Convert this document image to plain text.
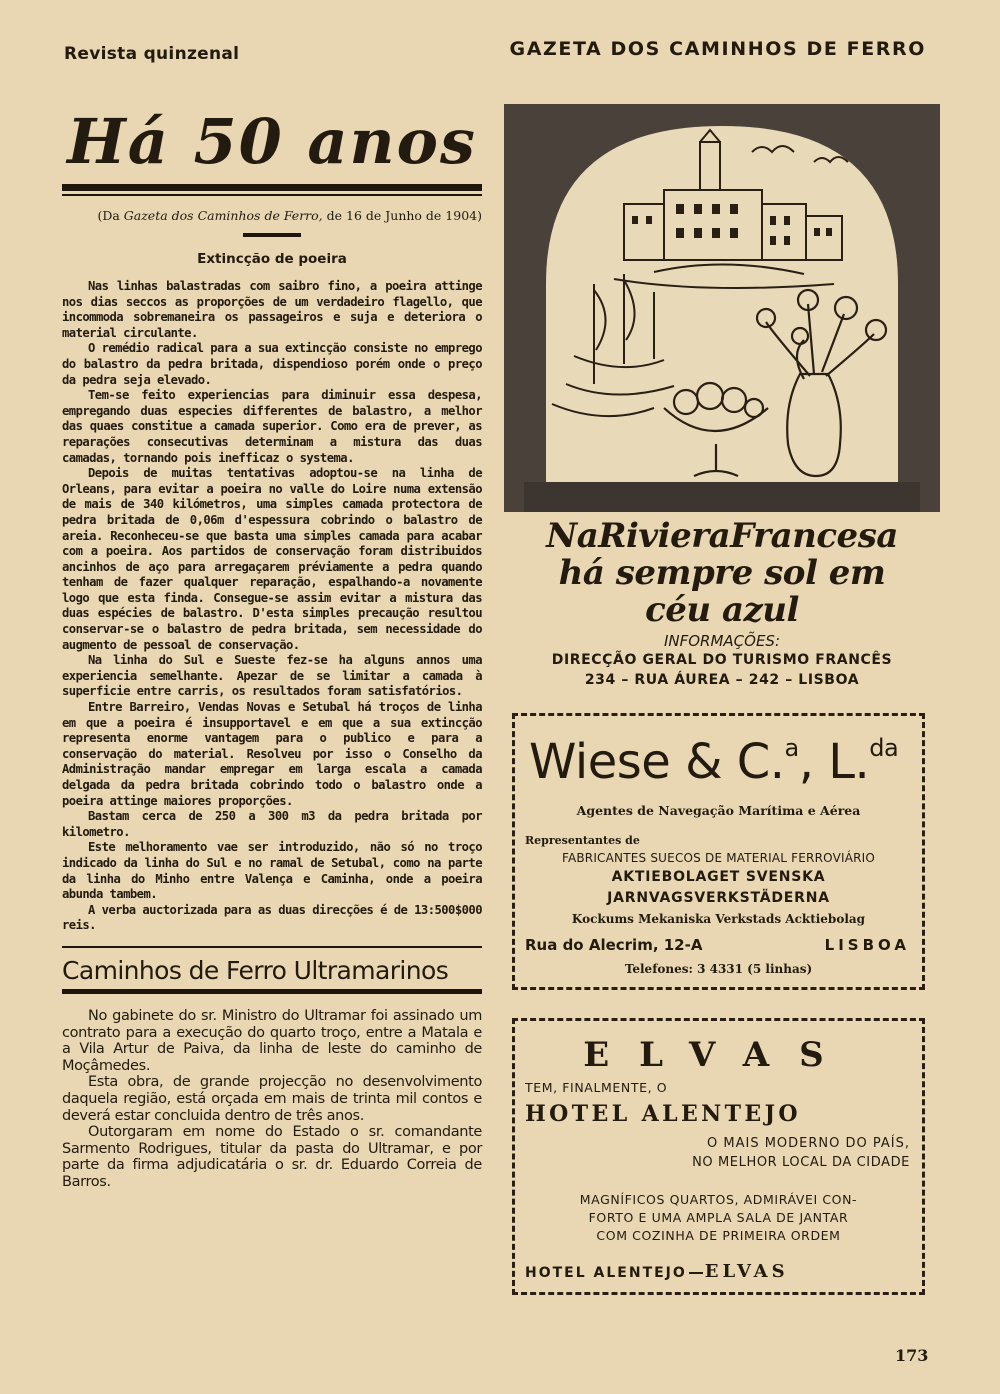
Revista quinzenal	GAZETA DOS CAMINHOS DE FERRO
Há 50 anos
(Da Gazeta dos Caminhos de Ferro, de 16 de Junho de 1904)
Extincção de poeira

Nas linhas balastradas com saibro fino, a poeira attinge nos dias seccos as proporções de um verdadeiro flagello, que incommoda sobremaneira os passageiros e suja e deteriora o material circulante.

O remédio radical para a sua extincção consiste no emprego do balastro da pedra britada, dispendioso porém onde o preço da pedra seja elevado.

Tem-se feito experiencias para diminuir essa despesa, empregando duas especies differentes de balastro, a melhor das quaes constitue a camada superior. Como era de prever, as reparações consecutivas determinam a mistura das duas camadas, tornando pois inefficaz o systema.

Depois de muitas tentativas adoptou-se na linha de Orleans, para evitar a poeira no valle do Loire numa extensão de mais de 340 kilómetros, uma simples camada protectora de pedra britada de 0,06m d'espessura cobrindo o balastro de areia. Reconheceu-se que basta uma simples camada para acabar com a poeira. Aos partidos de conservação foram distribuidos ancinhos de aço para arregaçarem préviamente a pedra quando tenham de fazer qualquer reparação, espalhando-a novamente logo que esta finda. Consegue-se assim evitar a mistura das duas espécies de balastro. D'esta simples precaução resultou conservar-se o balastro de pedra britada, sem necessidade do augmento de pessoal de conservação.

Na linha do Sul e Sueste fez-se ha alguns annos uma experiencia semelhante. Apezar de se limitar a camada à superficie entre carris, os resultados foram satisfatórios.

Entre Barreiro, Vendas Novas e Setubal há troços de linha em que a poeira é insupportavel e em que a sua extincção representa enorme vantagem para o publico e para a conservação do material. Resolveu por isso o Conselho da Administração mandar empregar em larga escala a camada delgada da pedra britada cobrindo todo o balastro onde a poeira attinge maiores proporções.

Bastam cerca de 250 a 300 m3 da pedra britada por kilometro.

Este melhoramento vae ser introduzido, não só no troço indicado da linha do Sul e no ramal de Setubal, como na parte da linha do Minho entre Valença e Caminha, onde a poeira abunda tambem.

A verba auctorizada para as duas direcções é de 13:500$000 reis.

Caminhos de Ferro Ultramarinos

No gabinete do sr. Ministro do Ultramar foi assinado um contrato para a execução do quarto troço, entre a Matala e a Vila Artur de Paiva, da linha de leste do caminho de Moçâmedes.

Esta obra, de grande projecção no desenvolvimento daquela região, está orçada em mais de trinta mil contos e deverá estar concluida dentro de três anos.

Outorgaram em nome do Estado o sr. comandante Sarmento Rodrigues, titular da pasta do Ultramar, e por parte da firma adjudicatária o sr. dr. Eduardo Correia de Barros.

NaRivieraFrancesa
há sempre sol em
céu azul
INFORMAÇÕES:
DIRECÇÃO GERAL DO TURISMO FRANCÊS
234 – RUA ÁUREA – 242 – LISBOA
Wiese & C.$^a$, L.$^{da}$
Agentes de Navegação Marítima e Aérea
Representantes de
FABRICANTES SUECOS DE MATERIAL FERROVIÁRIO
AKTIEBOLAGET SVENSKA
JARNVAGSVERKSTÄDERNA
Kockums Mekaniska Verkstads Acktiebolag
Rua do Alecrim, 12-A	LISBOA
Telefones: 3 4331 (5 linhas)
ELVAS
TEM, FINALMENTE, O
HOTEL ALENTEJO
O MAIS MODERNO DO PAÍS,
NO MELHOR LOCAL DA CIDADE
MAGNÍFICOS QUARTOS, ADMIRÁVEI CON-
FORTO E UMA AMPLA SALA DE JANTAR
COM COZINHA DE PRIMEIRA ORDEM
HOTEL ALENTEJO ELVAS
173
